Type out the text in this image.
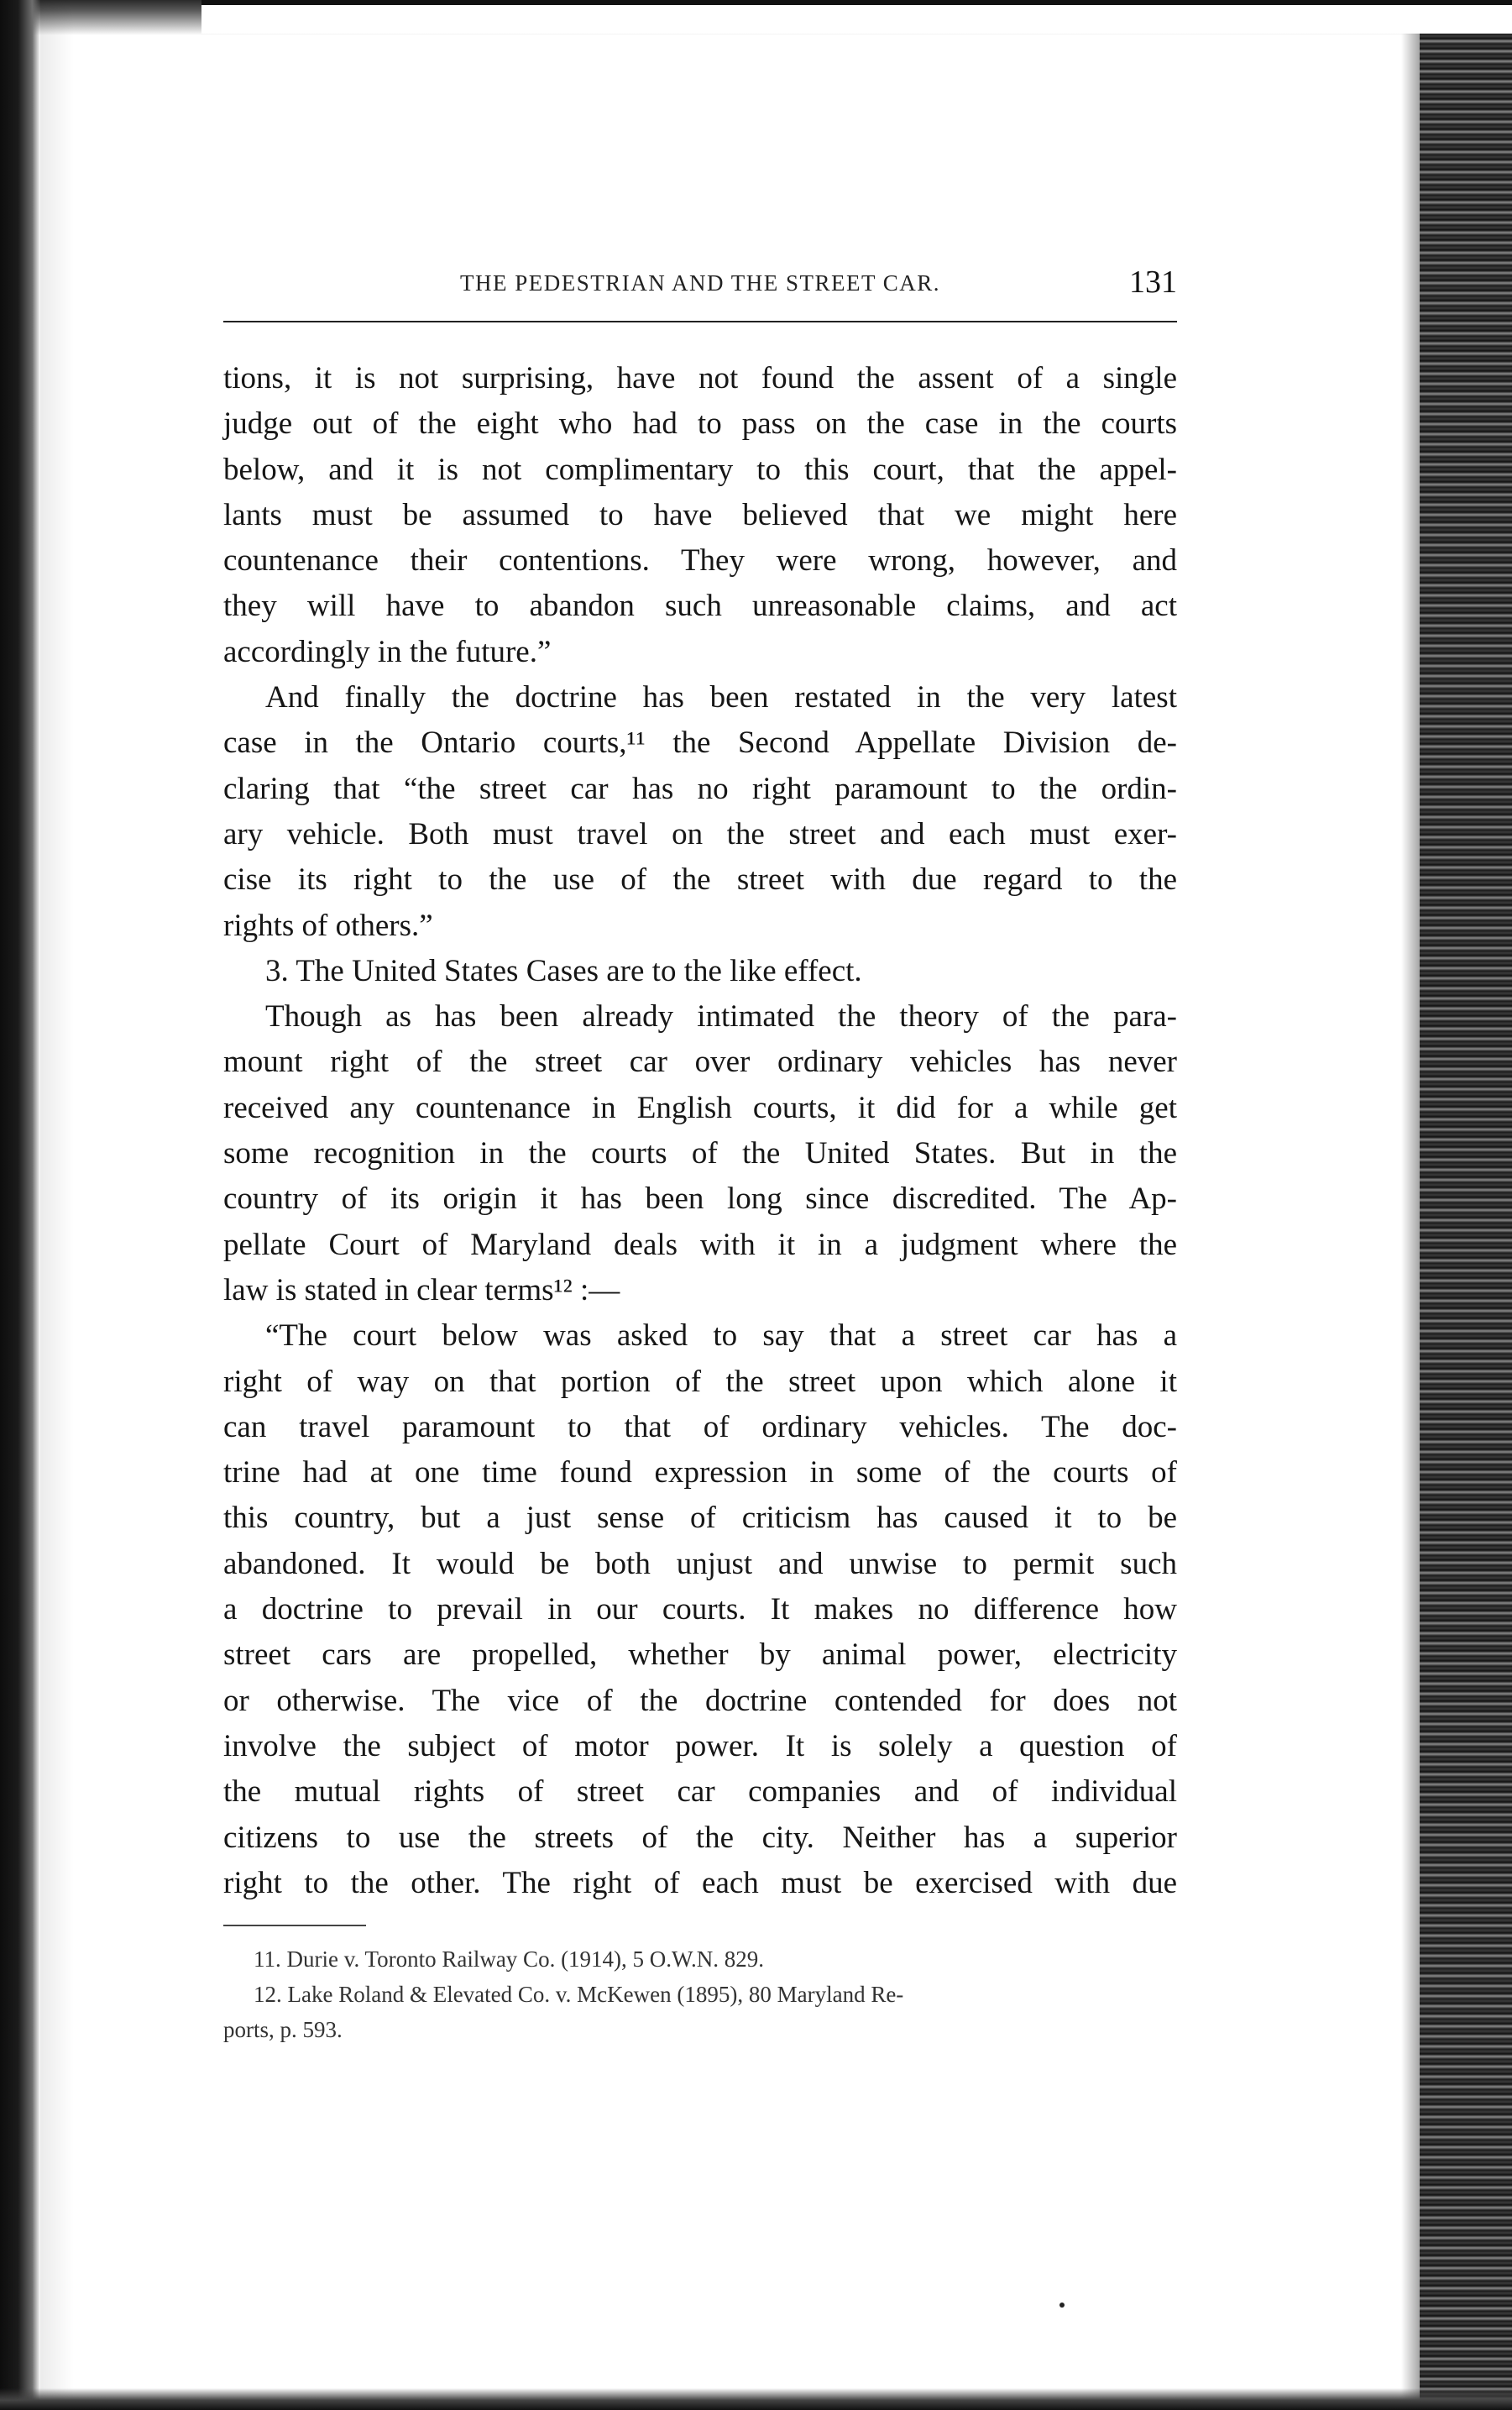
THE PEDESTRIAN AND THE STREET CAR.	131
tions, it is not surprising, have not found the assent of a single
judge out of the eight who had to pass on the case in the courts
below, and it is not complimentary to this court, that the appel-
lants must be assumed to have believed that we might here
countenance their contentions. They were wrong, however, and
they will have to abandon such unreasonable claims, and act
accordingly in the future.”
And finally the doctrine has been restated in the very latest
case in the Ontario courts,¹¹ the Second Appellate Division de-
claring that “the street car has no right paramount to the ordin-
ary vehicle. Both must travel on the street and each must exer-
cise its right to the use of the street with due regard to the
rights of others.”
3. The United States Cases are to the like effect.
Though as has been already intimated the theory of the para-
mount right of the street car over ordinary vehicles has never
received any countenance in English courts, it did for a while get
some recognition in the courts of the United States. But in the
country of its origin it has been long since discredited. The Ap-
pellate Court of Maryland deals with it in a judgment where the
law is stated in clear terms¹² :—
“The court below was asked to say that a street car has a
right of way on that portion of the street upon which alone it
can travel paramount to that of ordinary vehicles. The doc-
trine had at one time found expression in some of the courts of
this country, but a just sense of criticism has caused it to be
abandoned. It would be both unjust and unwise to permit such
a doctrine to prevail in our courts. It makes no difference how
street cars are propelled, whether by animal power, electricity
or otherwise. The vice of the doctrine contended for does not
involve the subject of motor power. It is solely a question of
the mutual rights of street car companies and of individual
citizens to use the streets of the city. Neither has a superior
right to the other. The right of each must be exercised with due
11. Durie v. Toronto Railway Co. (1914), 5 O.W.N. 829.
12. Lake Roland & Elevated Co. v. McKewen (1895), 80 Maryland Re-
ports, p. 593.
